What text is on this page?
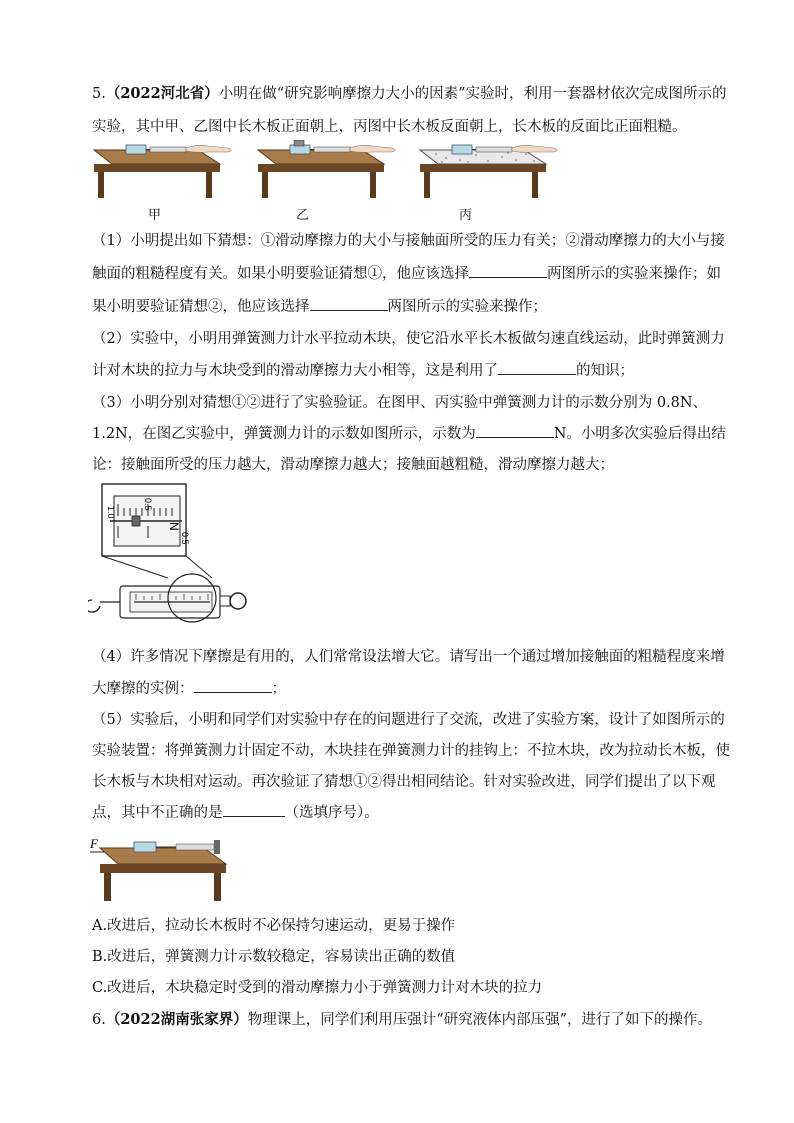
5.（2022河北省）小明在做“研究影响摩擦力大小的因素”实验时，利用一套器材依次完成图所示的
实验，其中甲、乙图中长木板正面朝上，丙图中长木板反面朝上，长木板的反面比正面粗糙。
甲	乙	丙
（1）小明提出如下猜想：①滑动摩擦力的大小与接触面所受的压力有关；②滑动摩擦力的大小与接
触面的粗糙程度有关。如果小明要验证猜想①，他应该选择	两图所示的实验来操作；如
果小明要验证猜想②，他应该选择	两图所示的实验来操作；
（2）实验中，小明用弹簧测力计水平拉动木块，使它沿水平长木板做匀速直线运动，此时弹簧测力
计对木块的拉力与木块受到的滑动摩擦力大小相等，这是利用了	的知识；
（3）小明分别对猜想①②进行了实验验证。在图甲、丙实验中弹簧测力计的示数分别为 0.8N、
1.2N，在图乙实验中，弹簧测力计的示数如图所示，示数为	N。小明多次实验后得出结
论：接触面所受的压力越大，滑动摩擦力越大；接触面越粗糙，滑动摩擦力越大；
1.0
0.5
0.5
N
（4）许多情况下摩擦是有用的，人们常常设法增大它。请写出一个通过增加接触面的粗糙程度来增
大摩擦的实例：	；
（5）实验后，小明和同学们对实验中存在的问题进行了交流，改进了实验方案，设计了如图所示的
实验装置：将弹簧测力计固定不动，木块挂在弹簧测力计的挂钩上：不拉木块，改为拉动长木板，使
长木板与木块相对运动。再次验证了猜想①②得出相同结论。针对实验改进，同学们提出了以下观
点，其中不正确的是	（选填序号）。
F
A.改进后，拉动长木板时不必保持匀速运动，更易于操作
B.改进后，弹簧测力计示数较稳定，容易读出正确的数值
C.改进后，木块稳定时受到的滑动摩擦力小于弹簧测力计对木块的拉力
6.（2022湖南张家界）物理课上，同学们利用压强计“研究液体内部压强”，进行了如下的操作。
